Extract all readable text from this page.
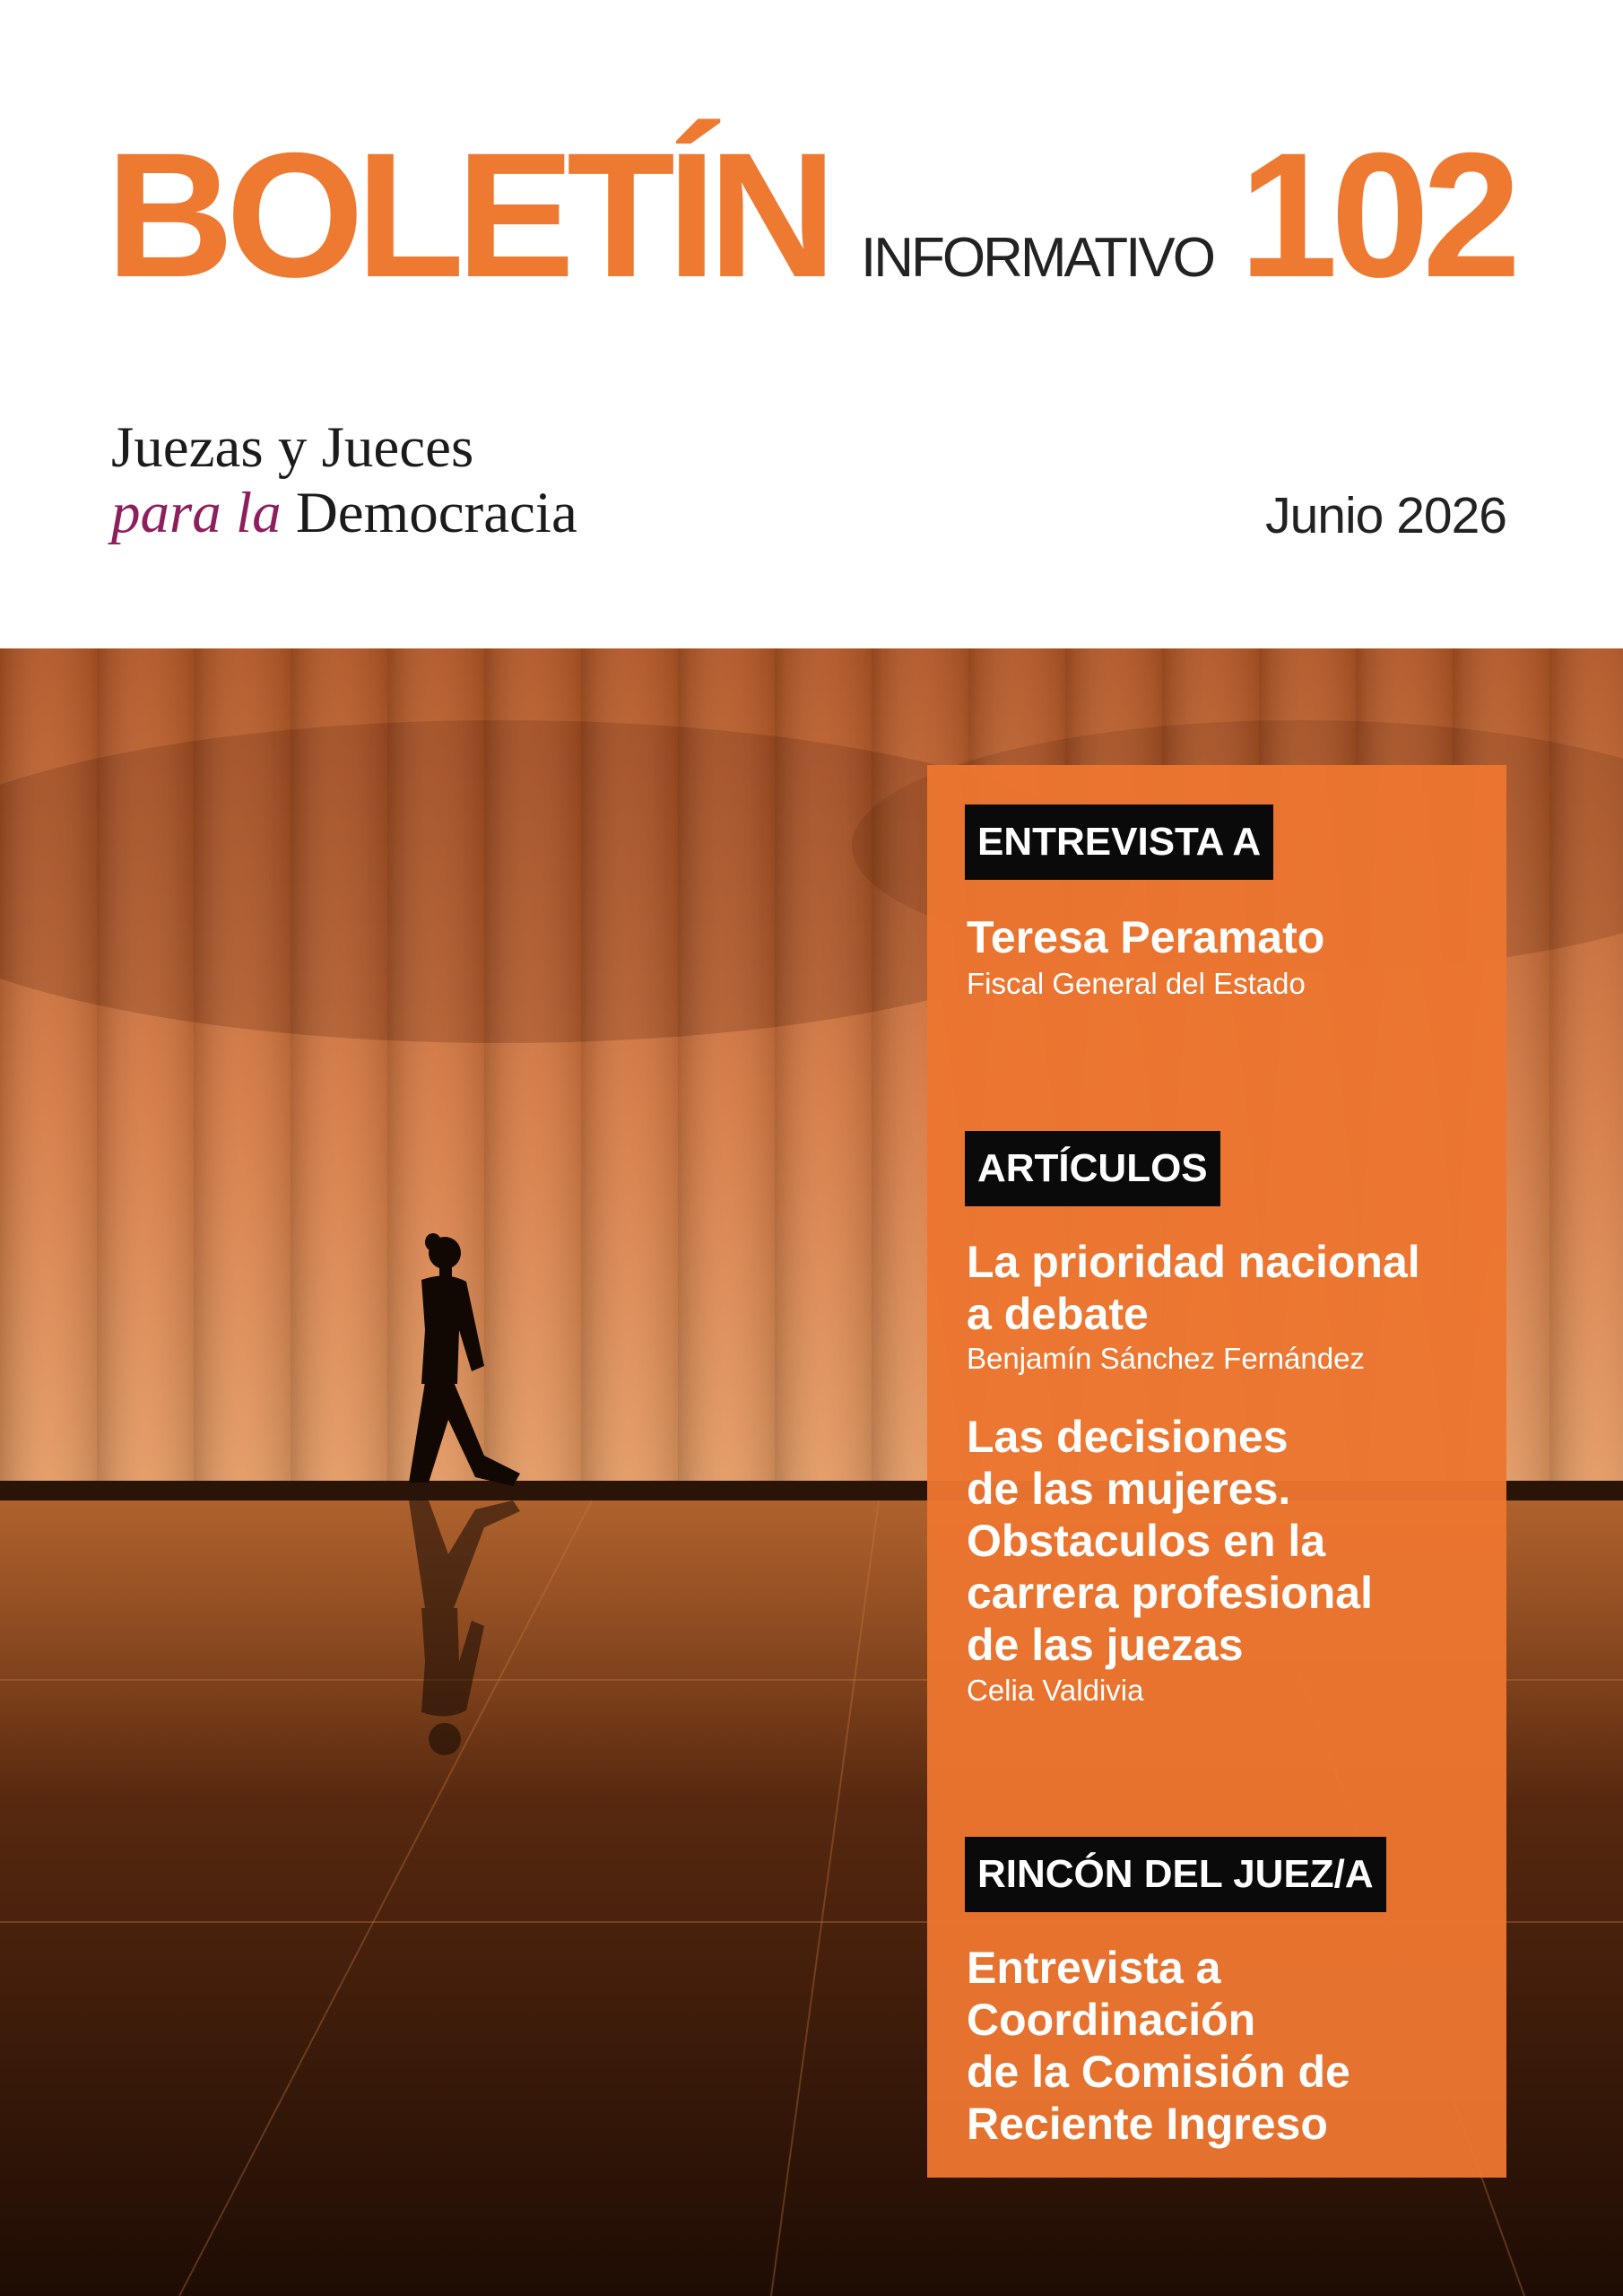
BOLETÍN INFORMATIVO 102
Juezas y Jueces
para la Democracia	Junio 2026
ENTREVISTA A
Teresa Peramato
Fiscal General del Estado
ARTÍCULOS
La prioridad nacional
a debate
Benjamín Sánchez Fernández
Las decisiones
de las mujeres.
Obstaculos en la
carrera profesional
de las juezas
Celia Valdivia
RINCÓN DEL JUEZ/A
Entrevista a
Coordinación
de la Comisión de
Reciente Ingreso
